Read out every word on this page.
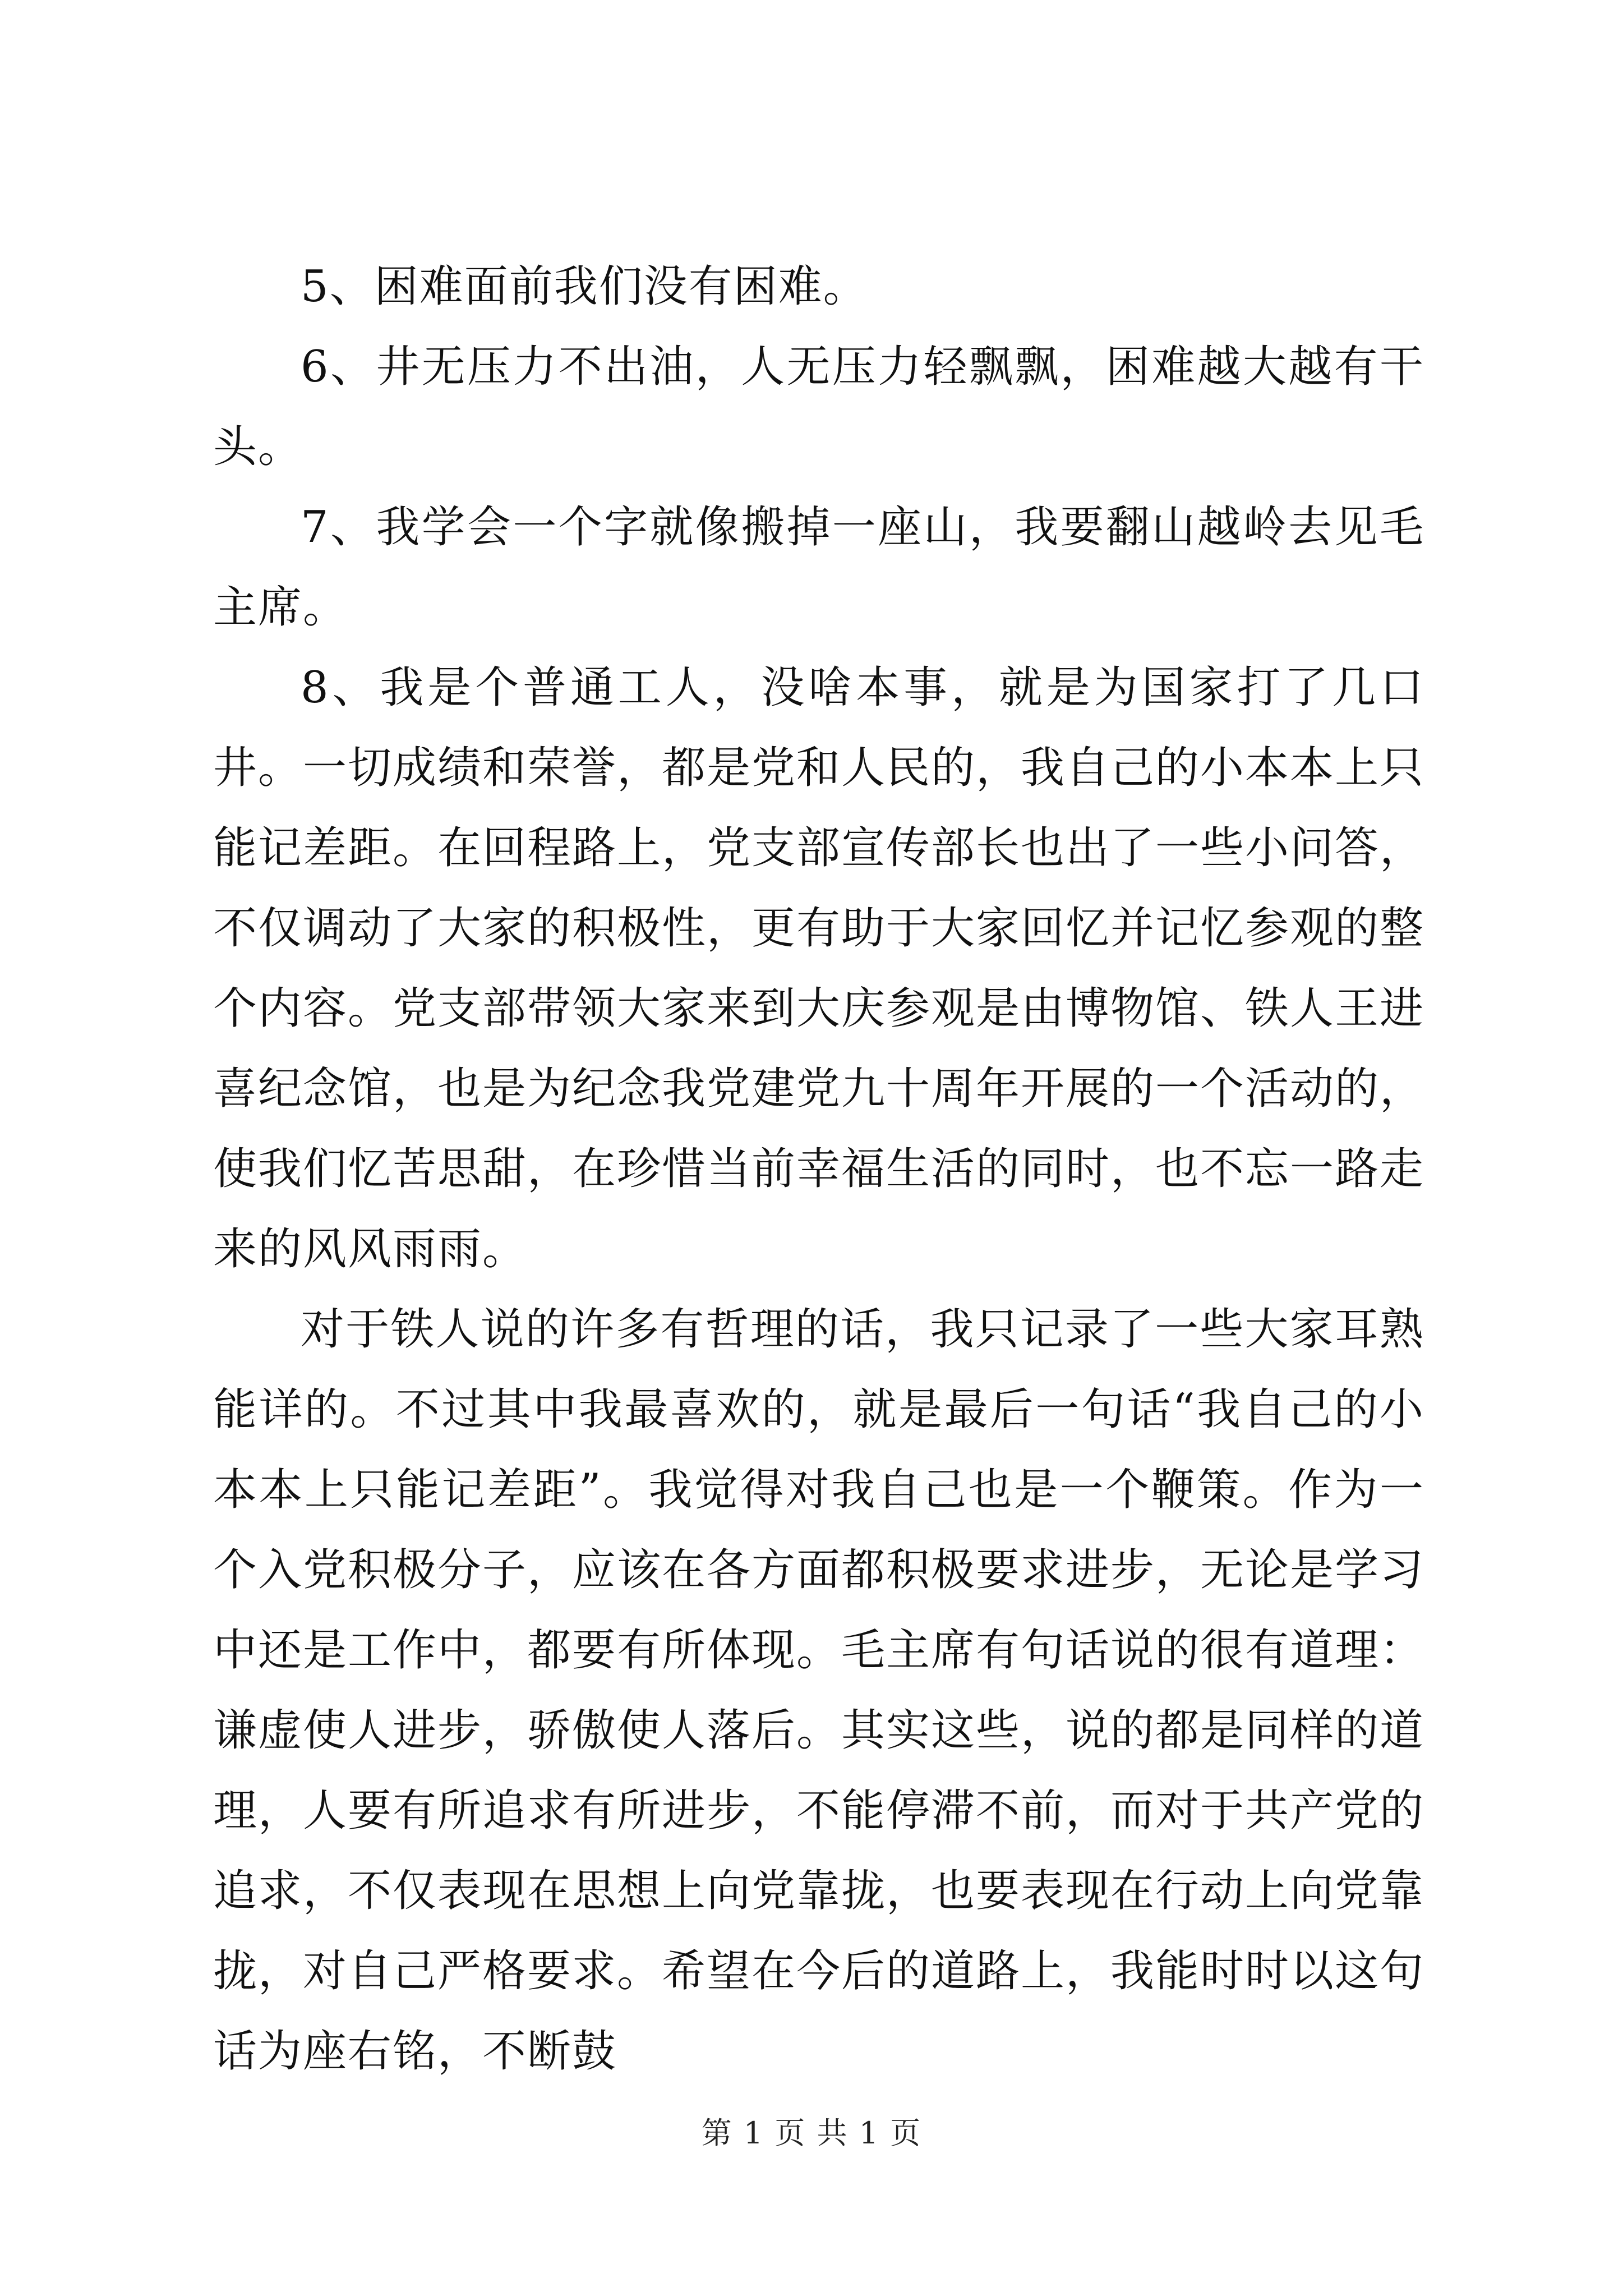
5、困难面前我们没有困难。

6、井无压力不出油，人无压力轻飘飘，困难越大越有干头。

7、我学会一个字就像搬掉一座山，我要翻山越岭去见毛主席。

8、我是个普通工人，没啥本事，就是为国家打了几口井。一切成绩和荣誉，都是党和人民的，我自己的小本本上只能记差距。在回程路上，党支部宣传部长也出了一些小问答，不仅调动了大家的积极性，更有助于大家回忆并记忆参观的整个内容。党支部带领大家来到大庆参观是由博物馆、铁人王进喜纪念馆，也是为纪念我党建党九十周年开展的一个活动的，使我们忆苦思甜，在珍惜当前幸福生活的同时，也不忘一路走来的风风雨雨。

对于铁人说的许多有哲理的话，我只记录了一些大家耳熟能详的。不过其中我最喜欢的，就是最后一句话“我自己的小本本上只能记差距”。我觉得对我自己也是一个鞭策。作为一个入党积极分子，应该在各方面都积极要求进步，无论是学习中还是工作中，都要有所体现。毛主席有句话说的很有道理：谦虚使人进步，骄傲使人落后。其实这些，说的都是同样的道理，人要有所追求有所进步，不能停滞不前，而对于共产党的追求，不仅表现在思想上向党靠拢，也要表现在行动上向党靠拢，对自己严格要求。希望在今后的道路上，我能时时以这句话为座右铭，不断鼓

第 1 页 共 1 页
